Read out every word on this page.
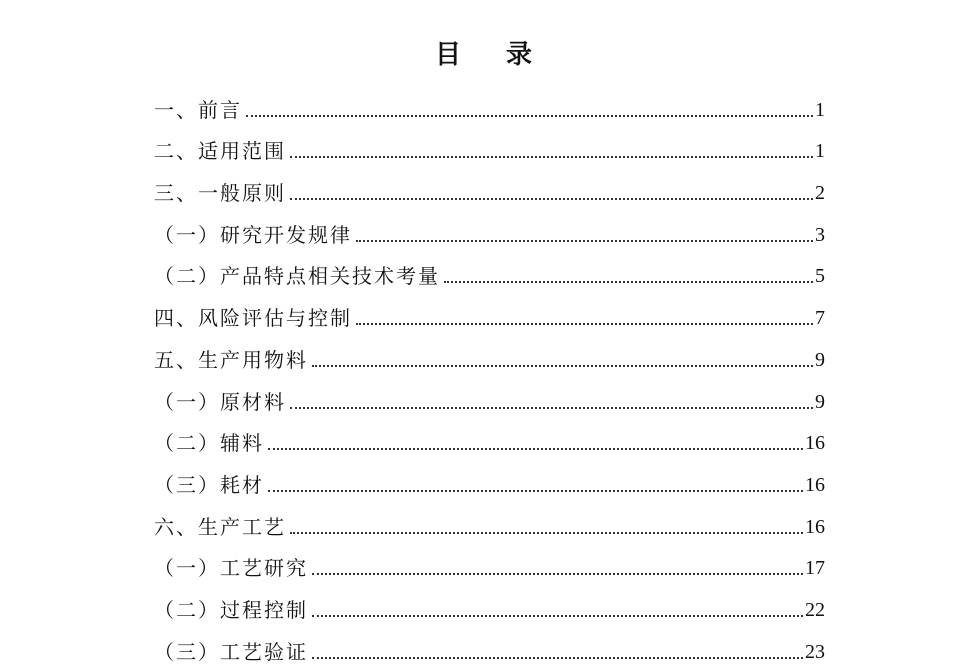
目 录
一、前言	1
二、适用范围	1
三、一般原则	2
（一）研究开发规律	3
（二）产品特点相关技术考量	5
四、风险评估与控制	7
五、生产用物料	9
（一）原材料	9
（二）辅料	16
（三）耗材	16
六、生产工艺	16
（一）工艺研究	17
（二）过程控制	22
（三）工艺验证	23
